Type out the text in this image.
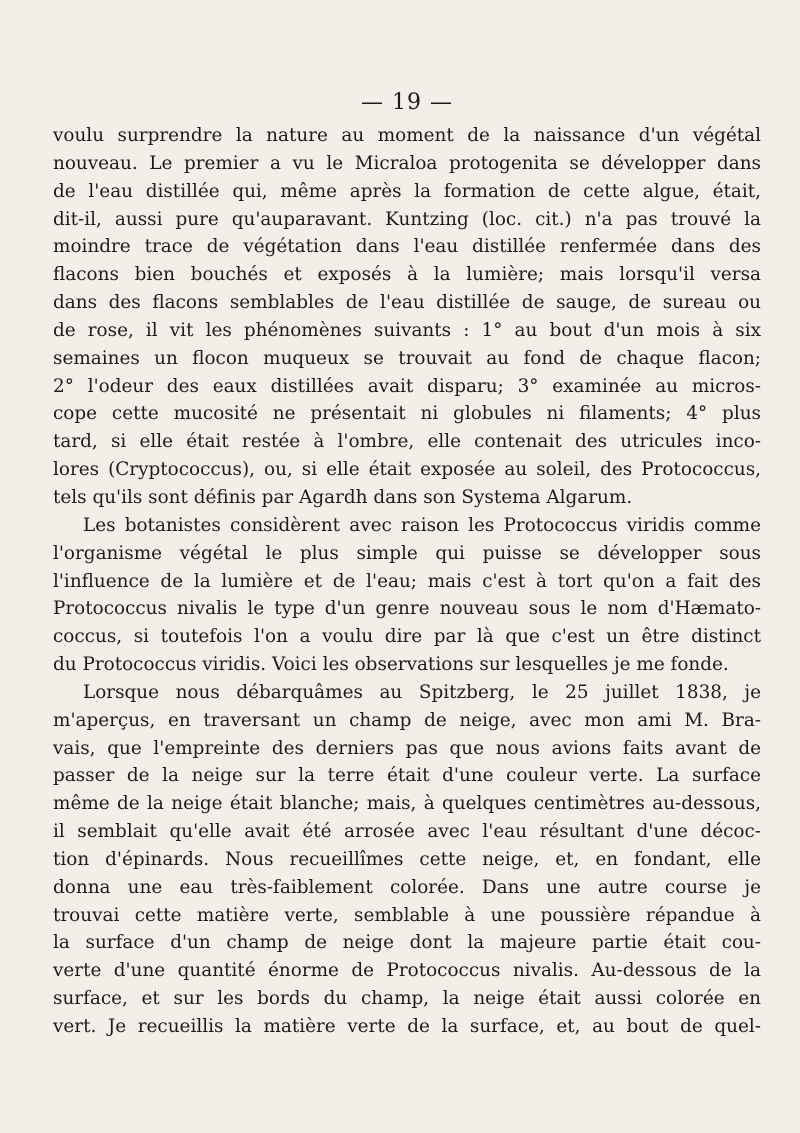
— 19 —
voulu surprendre la nature au moment de la naissance d'un végétal
nouveau. Le premier a vu le Micraloa protogenita se développer dans
de l'eau distillée qui, même après la formation de cette algue, était,
dit-il, aussi pure qu'auparavant. Kuntzing (loc. cit.) n'a pas trouvé la
moindre trace de végétation dans l'eau distillée renfermée dans des
flacons bien bouchés et exposés à la lumière; mais lorsqu'il versa
dans des flacons semblables de l'eau distillée de sauge, de sureau ou
de rose, il vit les phénomènes suivants : 1° au bout d'un mois à six
semaines un flocon muqueux se trouvait au fond de chaque flacon;
2° l'odeur des eaux distillées avait disparu; 3° examinée au micros-
cope cette mucosité ne présentait ni globules ni filaments; 4° plus
tard, si elle était restée à l'ombre, elle contenait des utricules inco-
lores (Cryptococcus), ou, si elle était exposée au soleil, des Protococcus,
tels qu'ils sont définis par Agardh dans son Systema Algarum.
Les botanistes considèrent avec raison les Protococcus viridis comme
l'organisme végétal le plus simple qui puisse se développer sous
l'influence de la lumière et de l'eau; mais c'est à tort qu'on a fait des
Protococcus nivalis le type d'un genre nouveau sous le nom d'Hæmato-
coccus, si toutefois l'on a voulu dire par là que c'est un être distinct
du Protococcus viridis. Voici les observations sur lesquelles je me fonde.
Lorsque nous débarquâmes au Spitzberg, le 25 juillet 1838, je
m'aperçus, en traversant un champ de neige, avec mon ami M. Bra-
vais, que l'empreinte des derniers pas que nous avions faits avant de
passer de la neige sur la terre était d'une couleur verte. La surface
même de la neige était blanche; mais, à quelques centimètres au-dessous,
il semblait qu'elle avait été arrosée avec l'eau résultant d'une décoc-
tion d'épinards. Nous recueillîmes cette neige, et, en fondant, elle
donna une eau très-faiblement colorée. Dans une autre course je
trouvai cette matière verte, semblable à une poussière répandue à
la surface d'un champ de neige dont la majeure partie était cou-
verte d'une quantité énorme de Protococcus nivalis. Au-dessous de la
surface, et sur les bords du champ, la neige était aussi colorée en
vert. Je recueillis la matière verte de la surface, et, au bout de quel-
